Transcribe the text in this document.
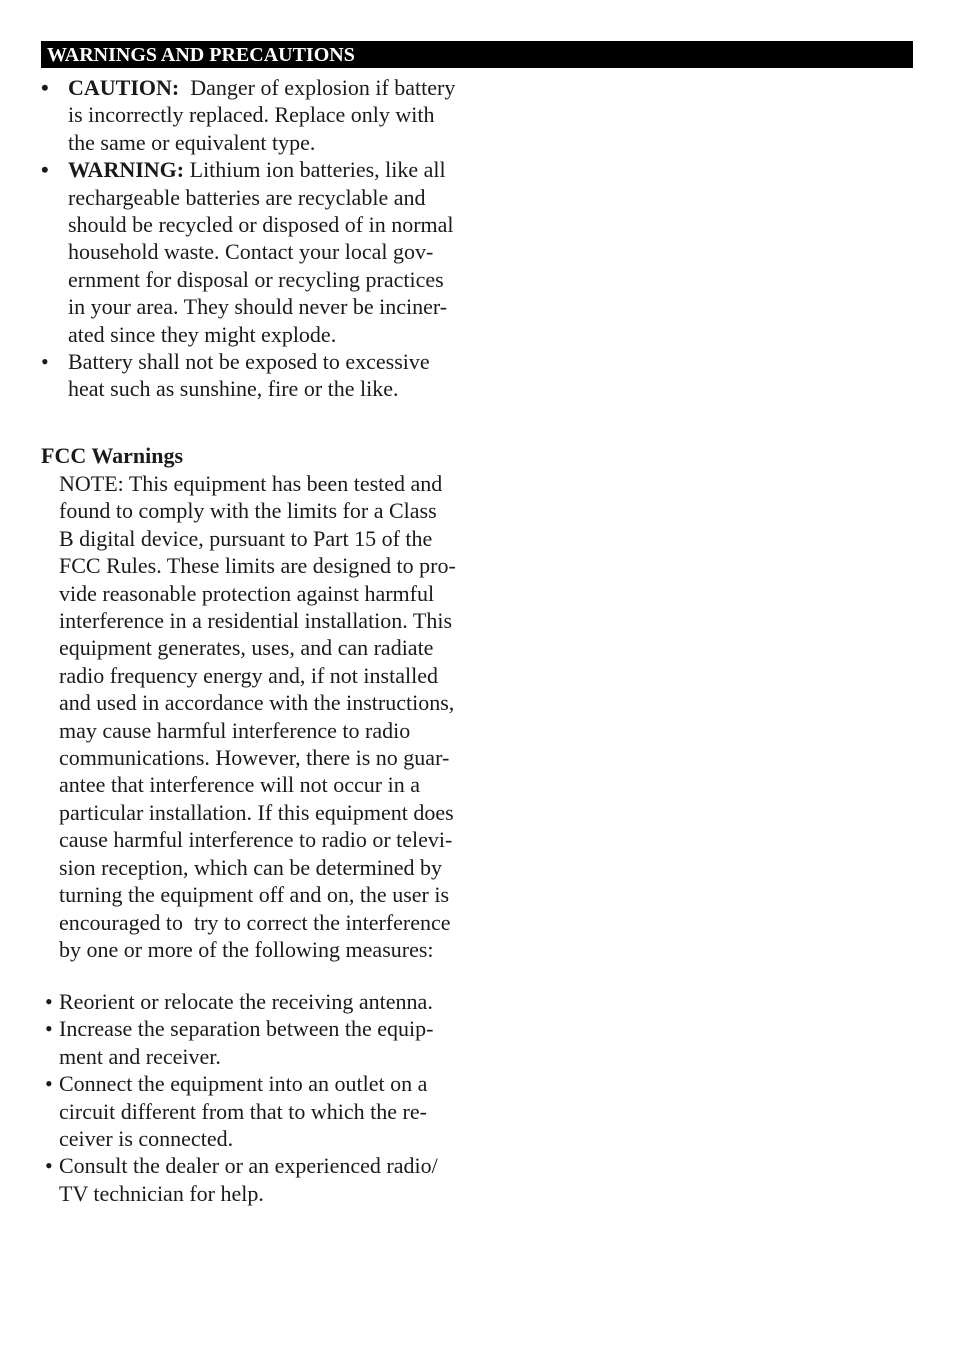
WARNINGS AND PRECAUTIONS
• CAUTION:  Danger of explosion if battery
is incorrectly replaced. Replace only with
the same or equivalent type.
• WARNING: Lithium ion batteries, like all
rechargeable batteries are recyclable and
should be recycled or disposed of in normal
household waste. Contact your local gov-
ernment for disposal or recycling practices
in your area. They should never be inciner-
ated since they might explode.
• Battery shall not be exposed to excessive
heat such as sunshine, fire or the like.
FCC Warnings
NOTE: This equipment has been tested and
found to comply with the limits for a Class
B digital device, pursuant to Part 15 of the
FCC Rules. These limits are designed to pro-
vide reasonable protection against harmful
interference in a residential installation. This
equipment generates, uses, and can radiate
radio frequency energy and, if not installed
and used in accordance with the instructions,
may cause harmful interference to radio
communications. However, there is no guar-
antee that interference will not occur in a
particular installation. If this equipment does
cause harmful interference to radio or televi-
sion reception, which can be determined by
turning the equipment off and on, the user is
encouraged to  try to correct the interference
by one or more of the following measures:
• Reorient or relocate the receiving antenna.
• Increase the separation between the equip-
ment and receiver.
• Connect the equipment into an outlet on a
circuit different from that to which the re-
ceiver is connected.
• Consult the dealer or an experienced radio/
TV technician for help.
